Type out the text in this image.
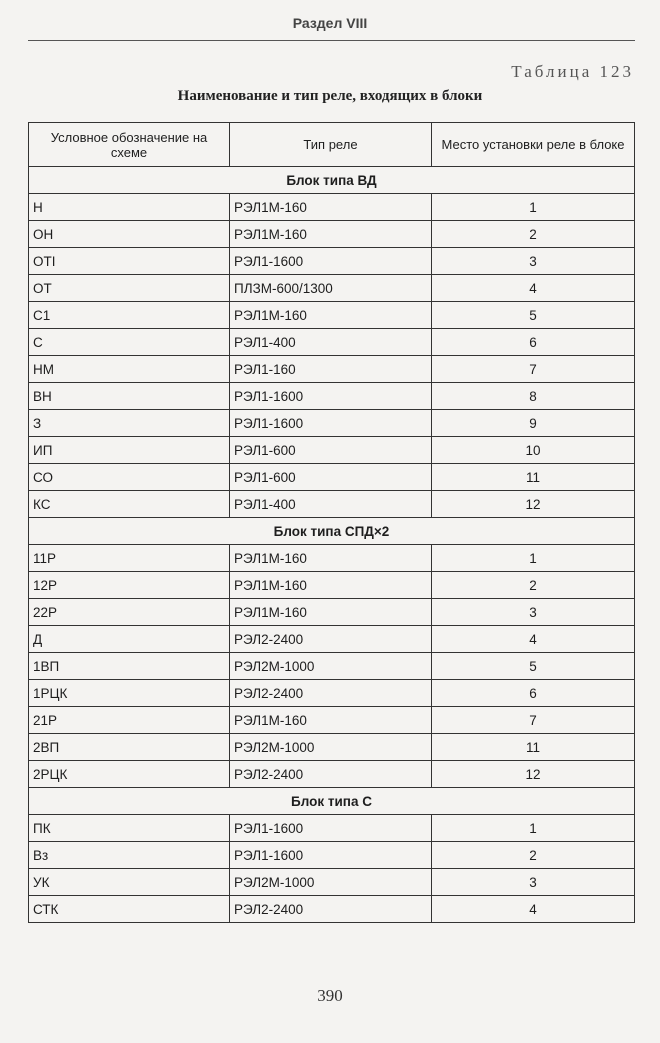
Раздел VIII
Таблица 123
Наименование и тип реле, входящих в блоки
Условное обозначение на схеме	Тип реле	Место установки реле в блоке
Блок типа ВД		
Н	РЭЛ1М-160	1
ОН	РЭЛ1М-160	2
ОТI	РЭЛ1-1600	3
ОТ	ПЛЗМ-600/1300	4
С1	РЭЛ1М-160	5
С	РЭЛ1-400	6
НМ	РЭЛ1-160	7
ВН	РЭЛ1-1600	8
З	РЭЛ1-1600	9
ИП	РЭЛ1-600	10
СО	РЭЛ1-600	11
КС	РЭЛ1-400	12
Блок типа СПД×2		
11Р	РЭЛ1М-160	1
12Р	РЭЛ1М-160	2
22Р	РЭЛ1М-160	3
Д	РЭЛ2-2400	4
1ВП	РЭЛ2М-1000	5
1РЦК	РЭЛ2-2400	6
21Р	РЭЛ1М-160	7
2ВП	РЭЛ2М-1000	11
2РЦК	РЭЛ2-2400	12
Блок типа С		
ПК	РЭЛ1-1600	1
Вз	РЭЛ1-1600	2
УК	РЭЛ2М-1000	3
СТК	РЭЛ2-2400	4
390
